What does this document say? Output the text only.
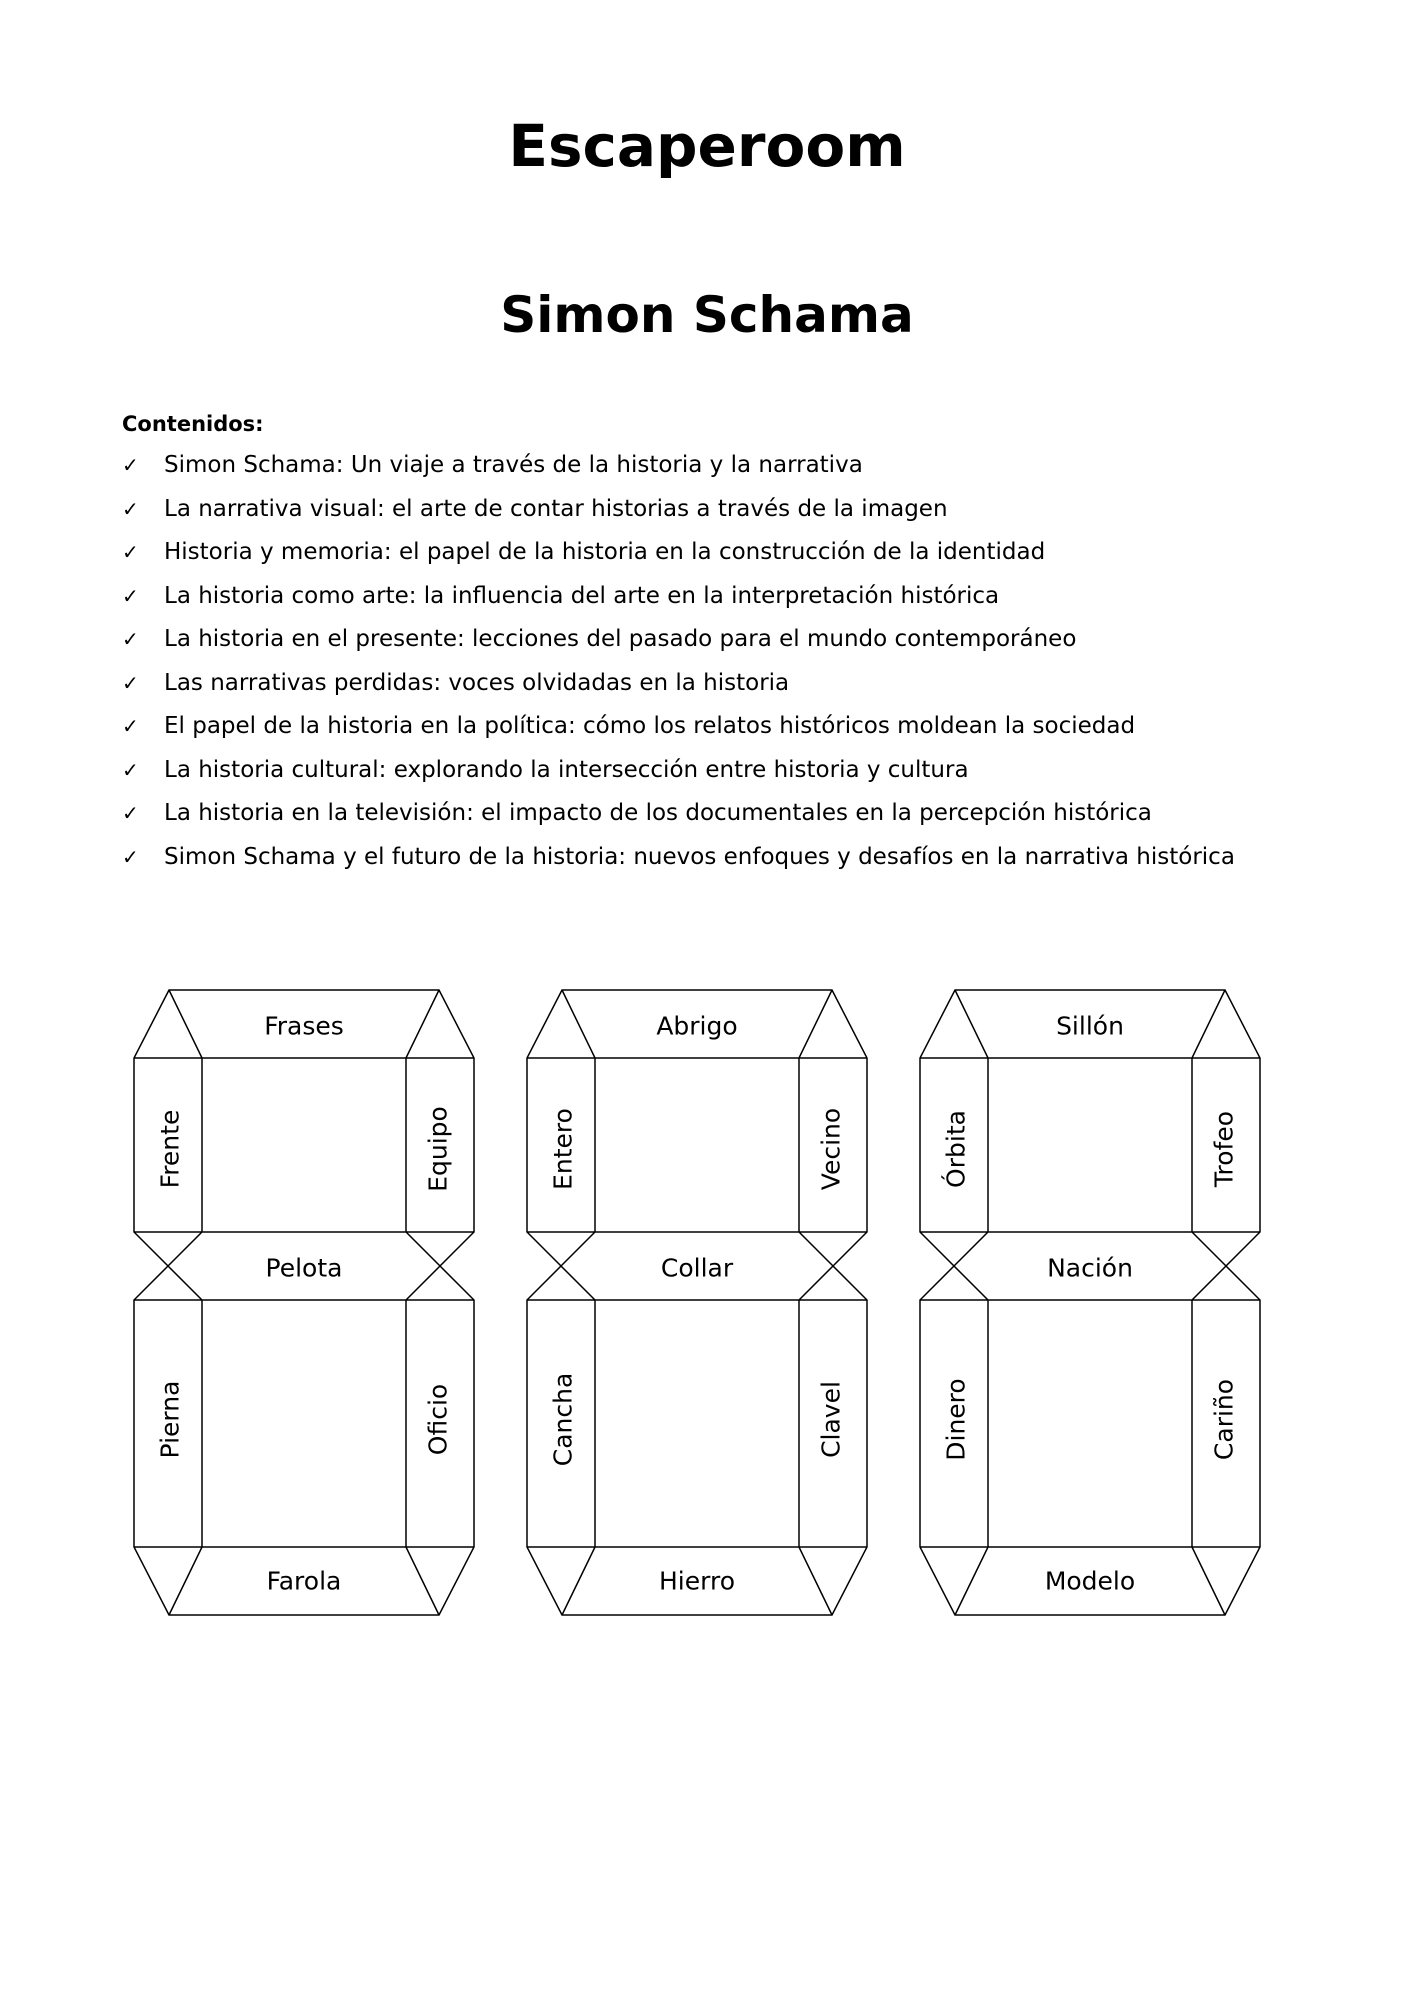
Escaperoom
Simon Schama

Contenidos:

✓ Simon Schama: Un viaje a través de la historia y la narrativa
✓ La narrativa visual: el arte de contar historias a través de la imagen
✓ Historia y memoria: el papel de la historia en la construcción de la identidad
✓ La historia como arte: la influencia del arte en la interpretación histórica
✓ La historia en el presente: lecciones del pasado para el mundo contemporáneo
✓ Las narrativas perdidas: voces olvidadas en la historia
✓ El papel de la historia en la política: cómo los relatos históricos moldean la sociedad
✓ La historia cultural: explorando la intersección entre historia y cultura
✓ La historia en la televisión: el impacto de los documentales en la percepción histórica
✓ Simon Schama y el futuro de la historia: nuevos enfoques y desafíos en la narrativa histórica
Frases
Pelota
Farola
Frente	Equipo
Pierna	Oficio
Abrigo
Collar
Hierro
Entero	Vecino
Cancha	Clavel
Sillón
Nación
Modelo
Órbita	Trofeo
Dinero	Cariño
